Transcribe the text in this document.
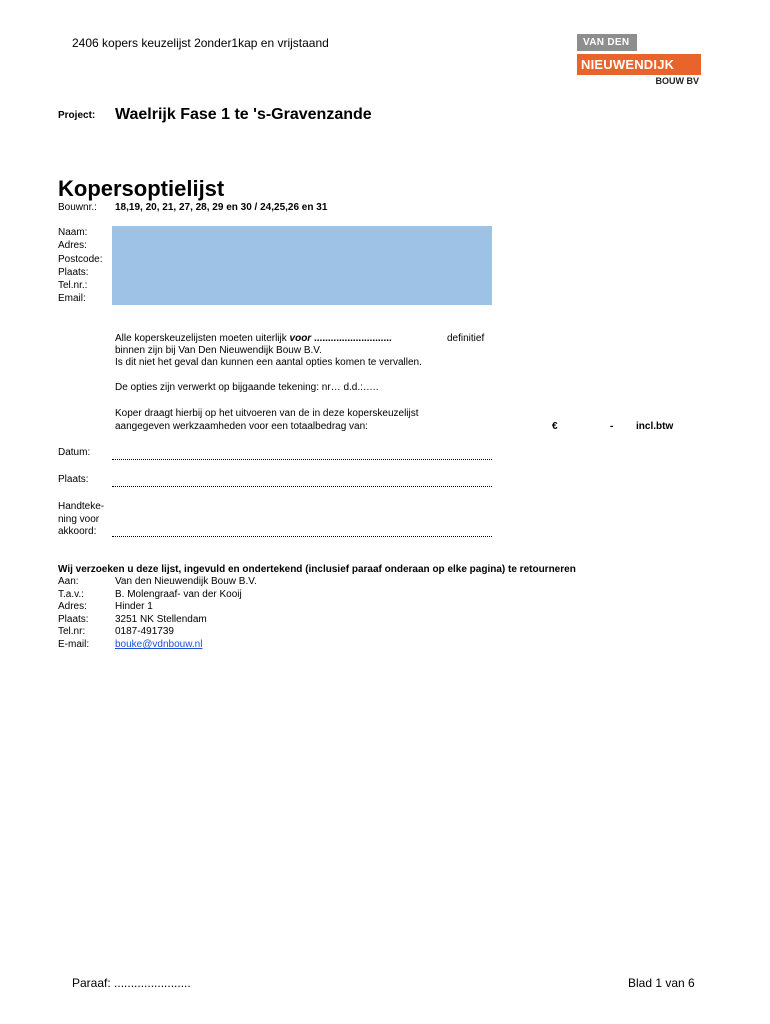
2406 kopers keuzelijst 2onder1kap en vrijstaand	VAN DEN
NIEUWENDIJK
BOUW BV
Project: Waelrijk Fase 1 te 's-Gravenzande
Kopersoptielijst
Bouwnr.: 18,19, 20, 21, 27, 28, 29 en 30 / 24,25,26 en 31
Naam:
Adres:
Postcode:
Plaats:
Tel.nr.:
Email:
Alle koperskeuzelijsten moeten uiterlijk voor ............................	definitief
binnen zijn bij Van Den Nieuwendijk Bouw B.V.
Is dit niet het geval dan kunnen een aantal opties komen te vervallen.
De opties zijn verwerkt op bijgaande tekening: nr… d.d.:…..
Koper draagt hierbij op het uitvoeren van de in deze koperskeuzelijst
aangegeven werkzaamheden voor een totaalbedrag van:	€	- incl.btw
Datum:
Plaats:
Handteke-
ning voor
akkoord:
Wij verzoeken u deze lijst, ingevuld en ondertekend (inclusief paraaf onderaan op elke pagina) te retourneren
Aan:	Van den Nieuwendijk Bouw B.V.
T.a.v.:	B. Molengraaf- van der Kooij
Adres:	Hinder 1
Plaats:	3251 NK Stellendam
Tel.nr:	0187-491739
E-mail:	bouke@vdnbouw.nl
Paraaf: .......................	Blad 1 van 6
